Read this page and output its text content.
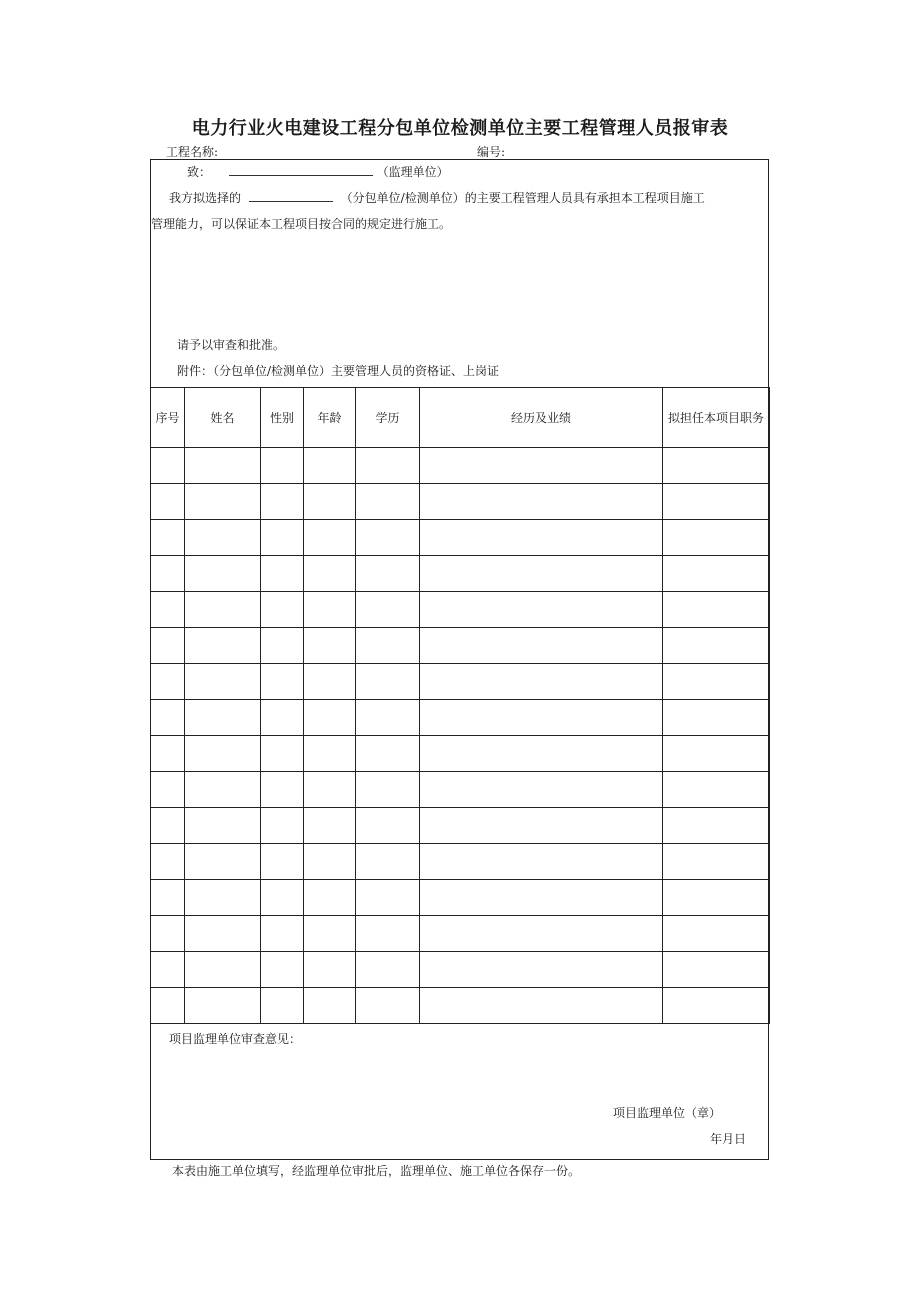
电力行业火电建设工程分包单位检测单位主要工程管理人员报审表
工程名称:	编号:
致：	（监理单位）
我方拟选择的	（分包单位/检测单位）的主要工程管理人员具有承担本工程项目施工
管理能力，可以保证本工程项目按合同的规定进行施工。
请予以审查和批准。
附件：（分包单位/检测单位）主要管理人员的资格证、上岗证
序号	姓名	性别	年龄	学历	经历及业绩	拟担任本项目职务

项目监理单位审查意见：
项目监理单位（章）
年月日
本表由施工单位填写，经监理单位审批后，监理单位、施工单位各保存一份。
